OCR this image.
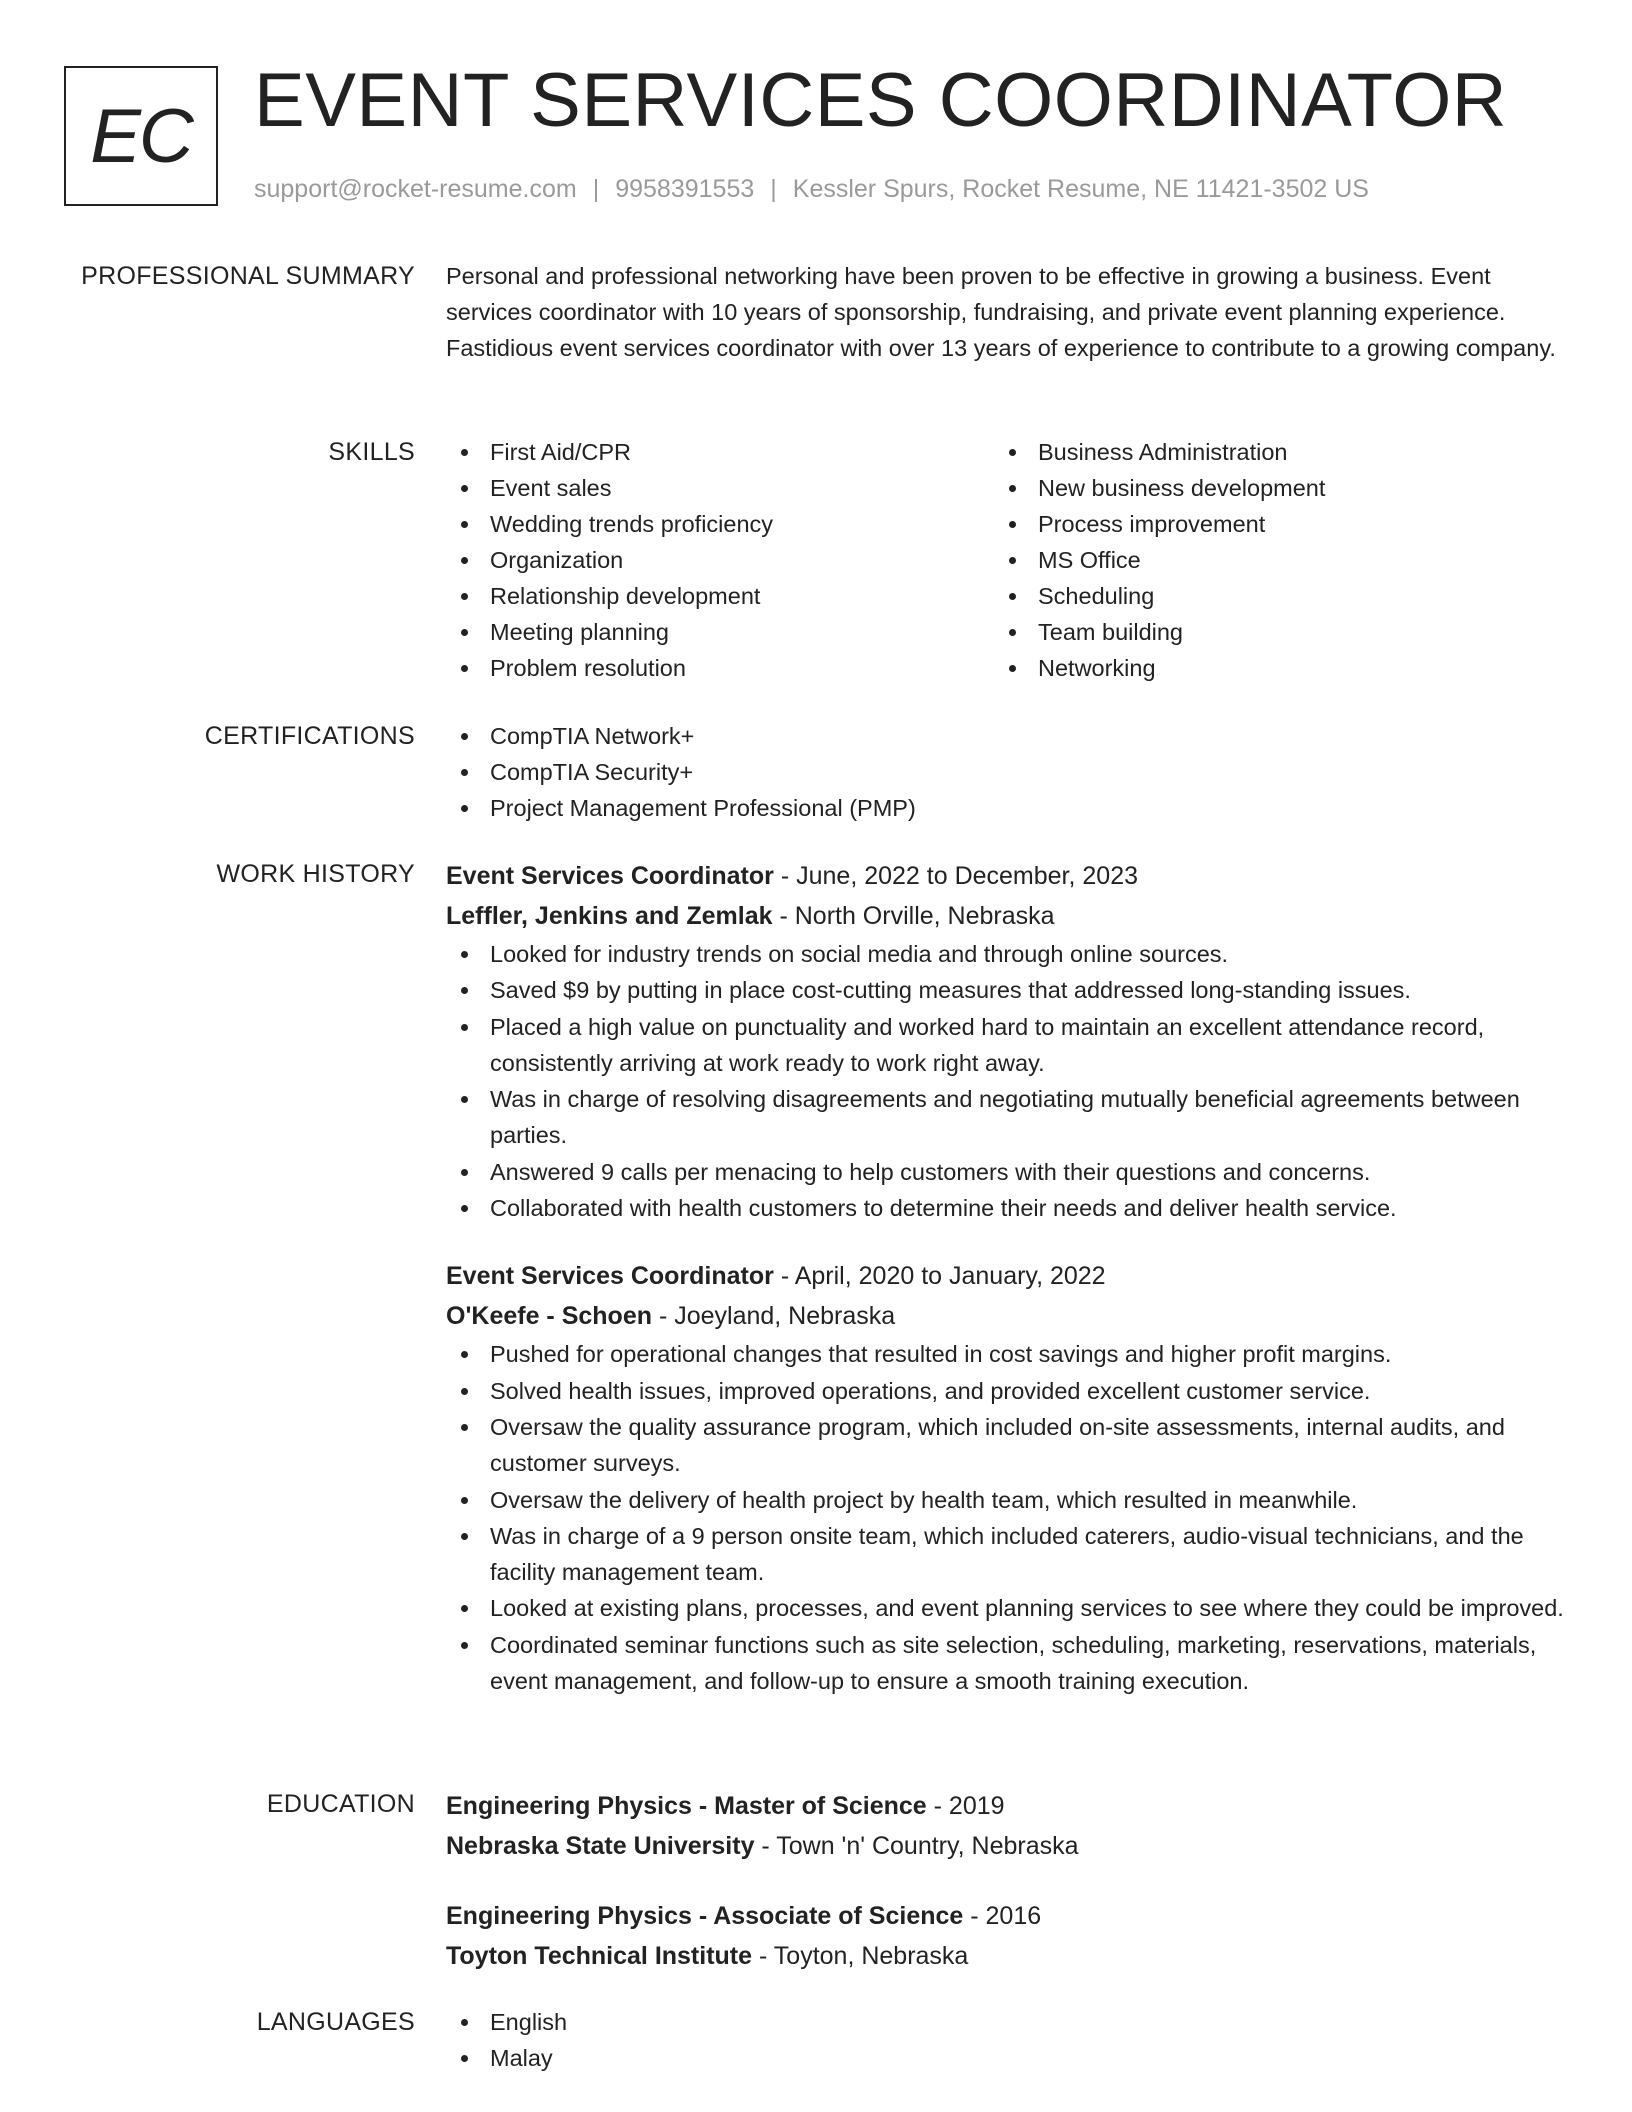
EC EVENT SERVICES COORDINATOR
support@rocket-resume.com | 9958391553 | Kessler Spurs, Rocket Resume, NE 11421-3502 US
PROFESSIONAL SUMMARY Personal and professional networking have been proven to be effective in growing a business. Event services coordinator with 10 years of sponsorship, fundraising, and private event planning experience. Fastidious event services coordinator with over 13 years of experience to contribute to a growing company.

SKILLS	First Aid/CPR
Event sales
Wedding trends proficiency
Organization
Relationship development
Meeting planning
Problem resolution
Business Administration
New business development
Process improvement
MS Office
Scheduling
Team building
Networking
CERTIFICATIONS	CompTIA Network+
CompTIA Security+
Project Management Professional (PMP)
WORK HISTORY Event Services Coordinator - June, 2022 to December, 2023
Leffler, Jenkins and Zemlak - North Orville, Nebraska
Looked for industry trends on social media and through online sources.
Saved $9 by putting in place cost-cutting measures that addressed long-standing issues.
Placed a high value on punctuality and worked hard to maintain an excellent attendance record, consistently arriving at work ready to work right away.
Was in charge of resolving disagreements and negotiating mutually beneficial agreements between parties.
Answered 9 calls per menacing to help customers with their questions and concerns.
Collaborated with health customers to determine their needs and deliver health service.
Event Services Coordinator - April, 2020 to January, 2022
O'Keefe - Schoen - Joeyland, Nebraska
Pushed for operational changes that resulted in cost savings and higher profit margins.
Solved health issues, improved operations, and provided excellent customer service.
Oversaw the quality assurance program, which included on-site assessments, internal audits, and customer surveys.
Oversaw the delivery of health project by health team, which resulted in meanwhile.
Was in charge of a 9 person onsite team, which included caterers, audio-visual technicians, and the facility management team.
Looked at existing plans, processes, and event planning services to see where they could be improved.
Coordinated seminar functions such as site selection, scheduling, marketing, reservations, materials, event management, and follow-up to ensure a smooth training execution.
EDUCATION Engineering Physics - Master of Science - 2019
Nebraska State University - Town 'n' Country, Nebraska
Engineering Physics - Associate of Science - 2016
Toyton Technical Institute - Toyton, Nebraska
LANGUAGES	English
Malay
